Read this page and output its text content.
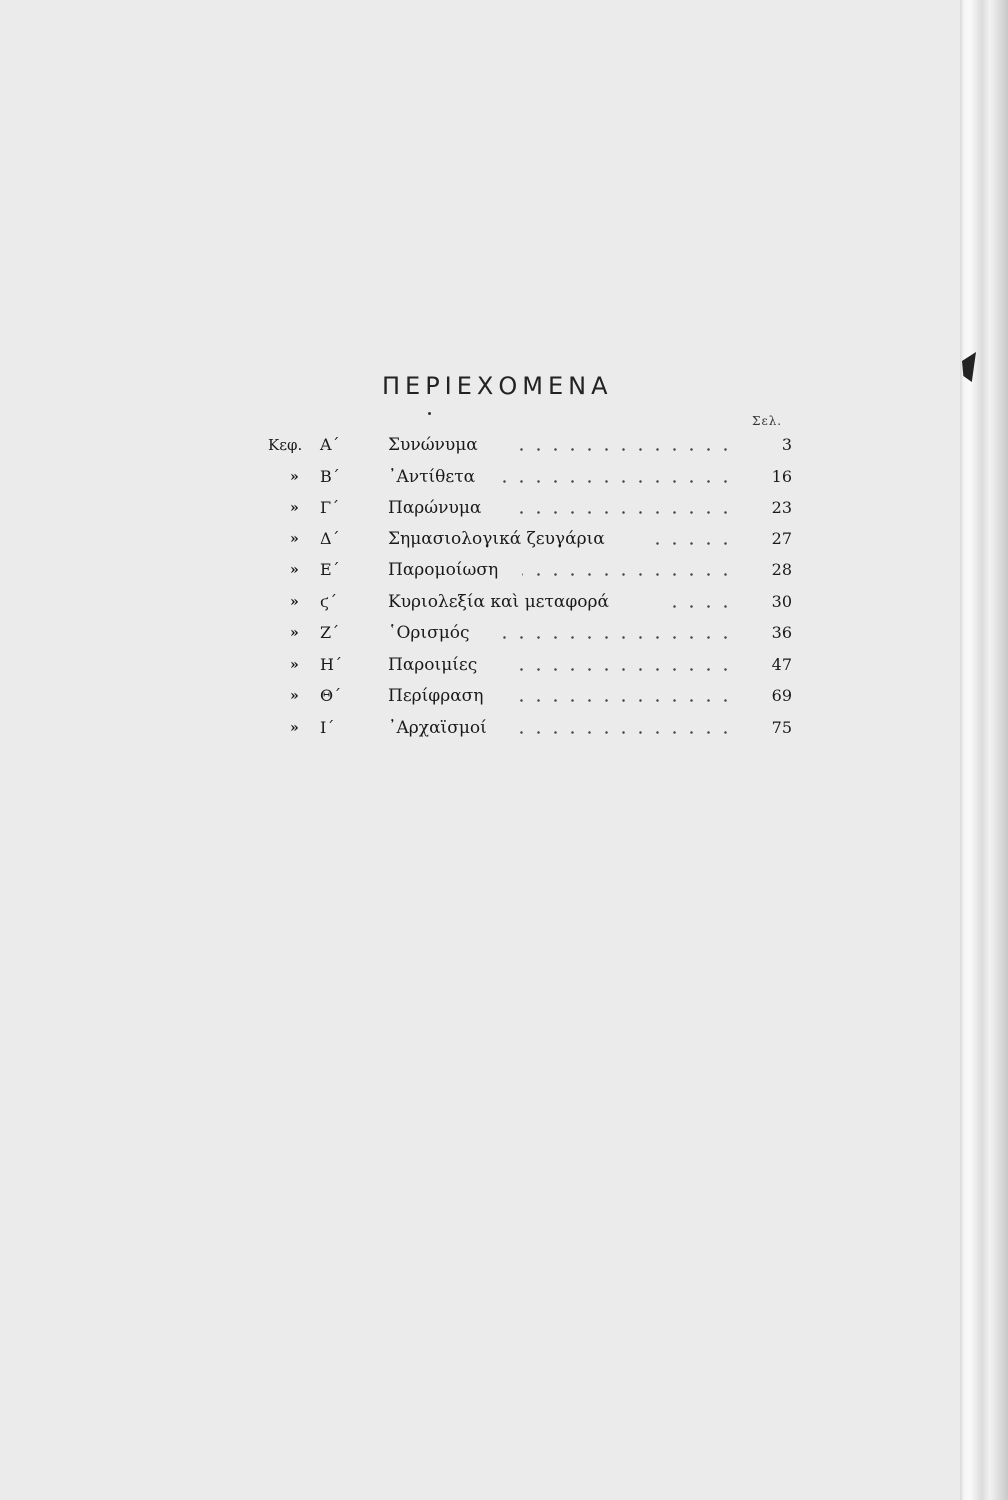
ΠΕΡΙΕΧΟΜΕΝΑ
Σελ.
Κεφ. Α΄	Συνώνυμα	3
» Β΄	᾿Αντίθετα	16
» Γ΄	Παρώνυμα	23
» Δ΄	Σημασιολογικά ζευγάρια	27
» Ε΄	Παρομοίωση	28
» ϛ΄	Κυριολεξία καὶ μεταφορά	30
» Ζ΄	῾Ορισμός	36
» Η΄	Παροιμίες	47
» Θ΄	Περίφραση	69
» Ι΄	᾿Αρχαϊσμοί	75
